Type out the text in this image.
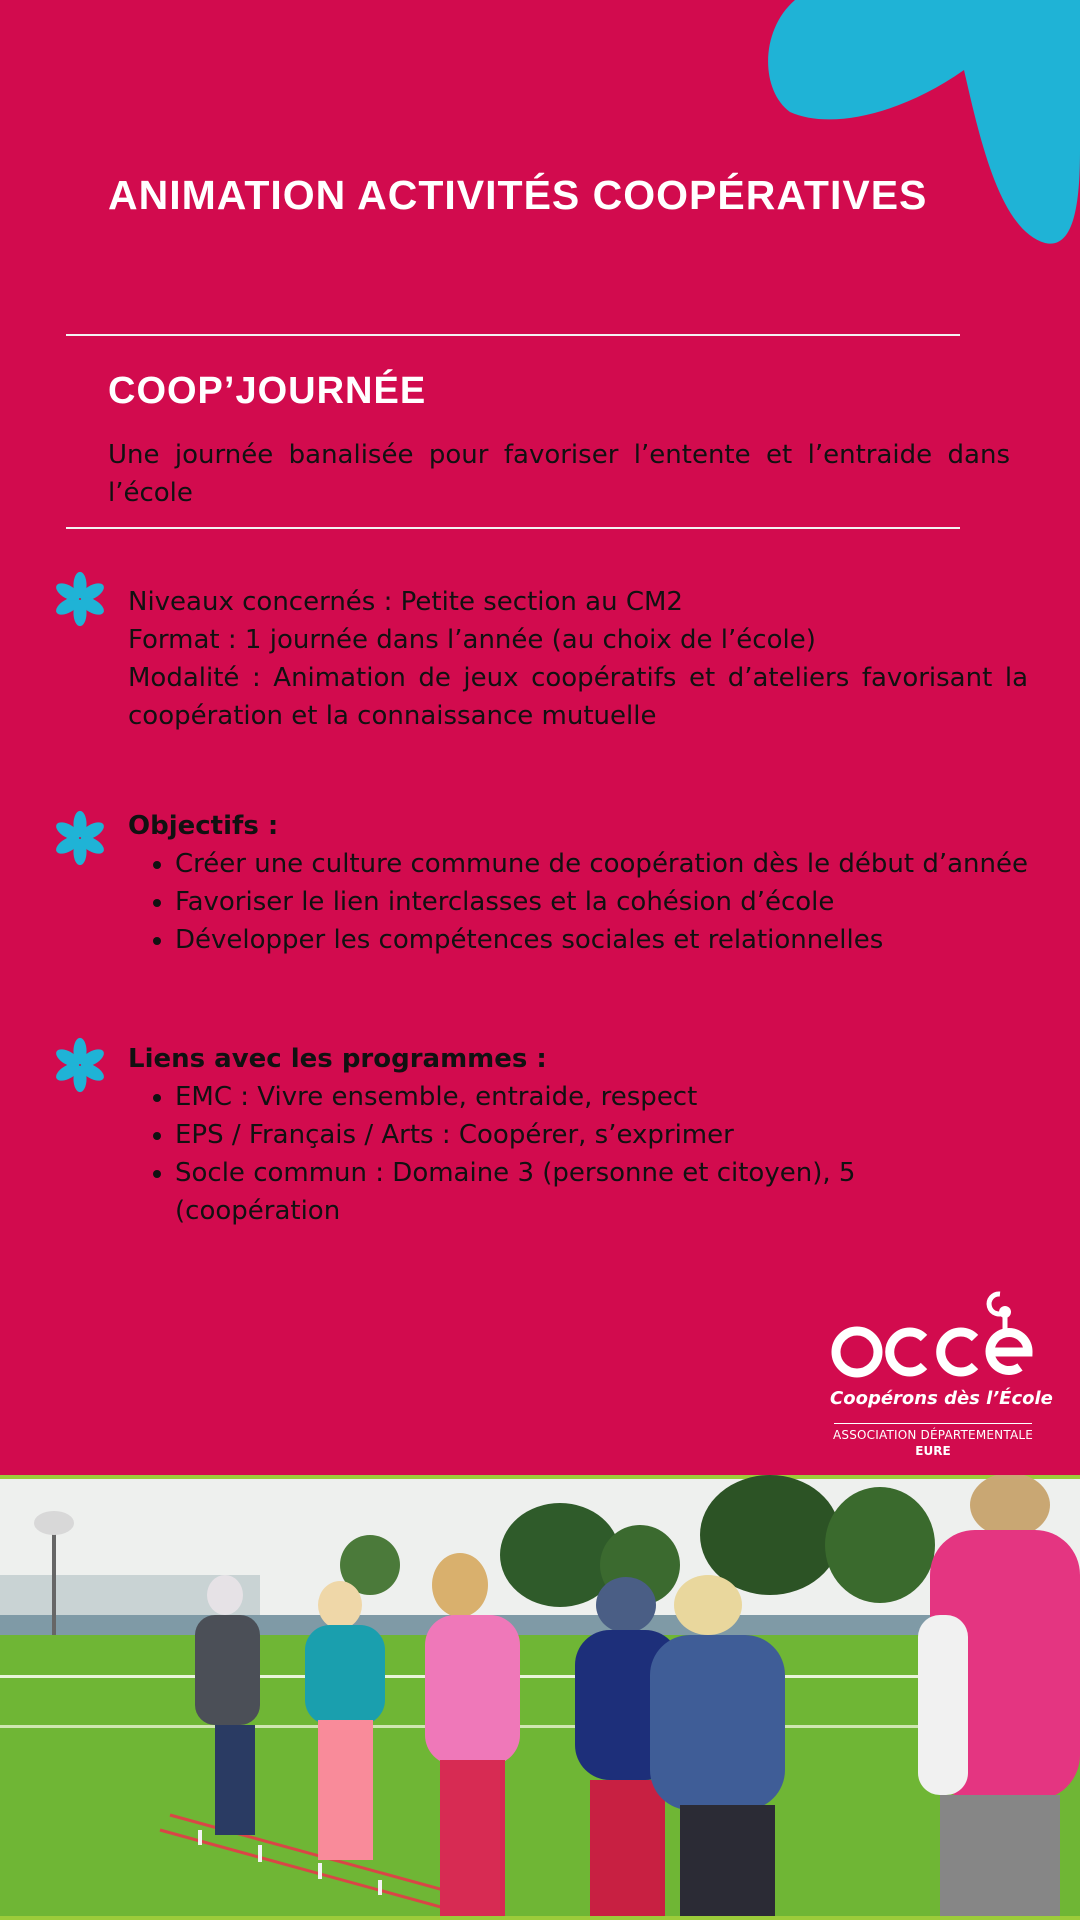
ANIMATION ACTIVITÉS COOPÉRATIVES
COOP’JOURNÉE

Une journée banalisée pour favoriser l’entente et l’entraide dans l’école

Niveaux concernés : Petite section au CM2

Format : 1 journée dans l’année (au choix de l’école)

Modalité : Animation de jeux coopératifs et d’ateliers favorisant la coopération et la connaissance mutuelle

Objectifs :

• Créer une culture commune de coopération dès le début d’année
• Favoriser le lien interclasses et la cohésion d’école
• Développer les compétences sociales et relationnelles

Liens avec les programmes :

• EMC : Vivre ensemble, entraide, respect
• EPS / Français / Arts : Coopérer, s’exprimer
• Socle commun : Domaine 3 (personne et citoyen), 5 (coopération
Coopérons dès l’École
ASSOCIATION DÉPARTEMENTALE
EURE
